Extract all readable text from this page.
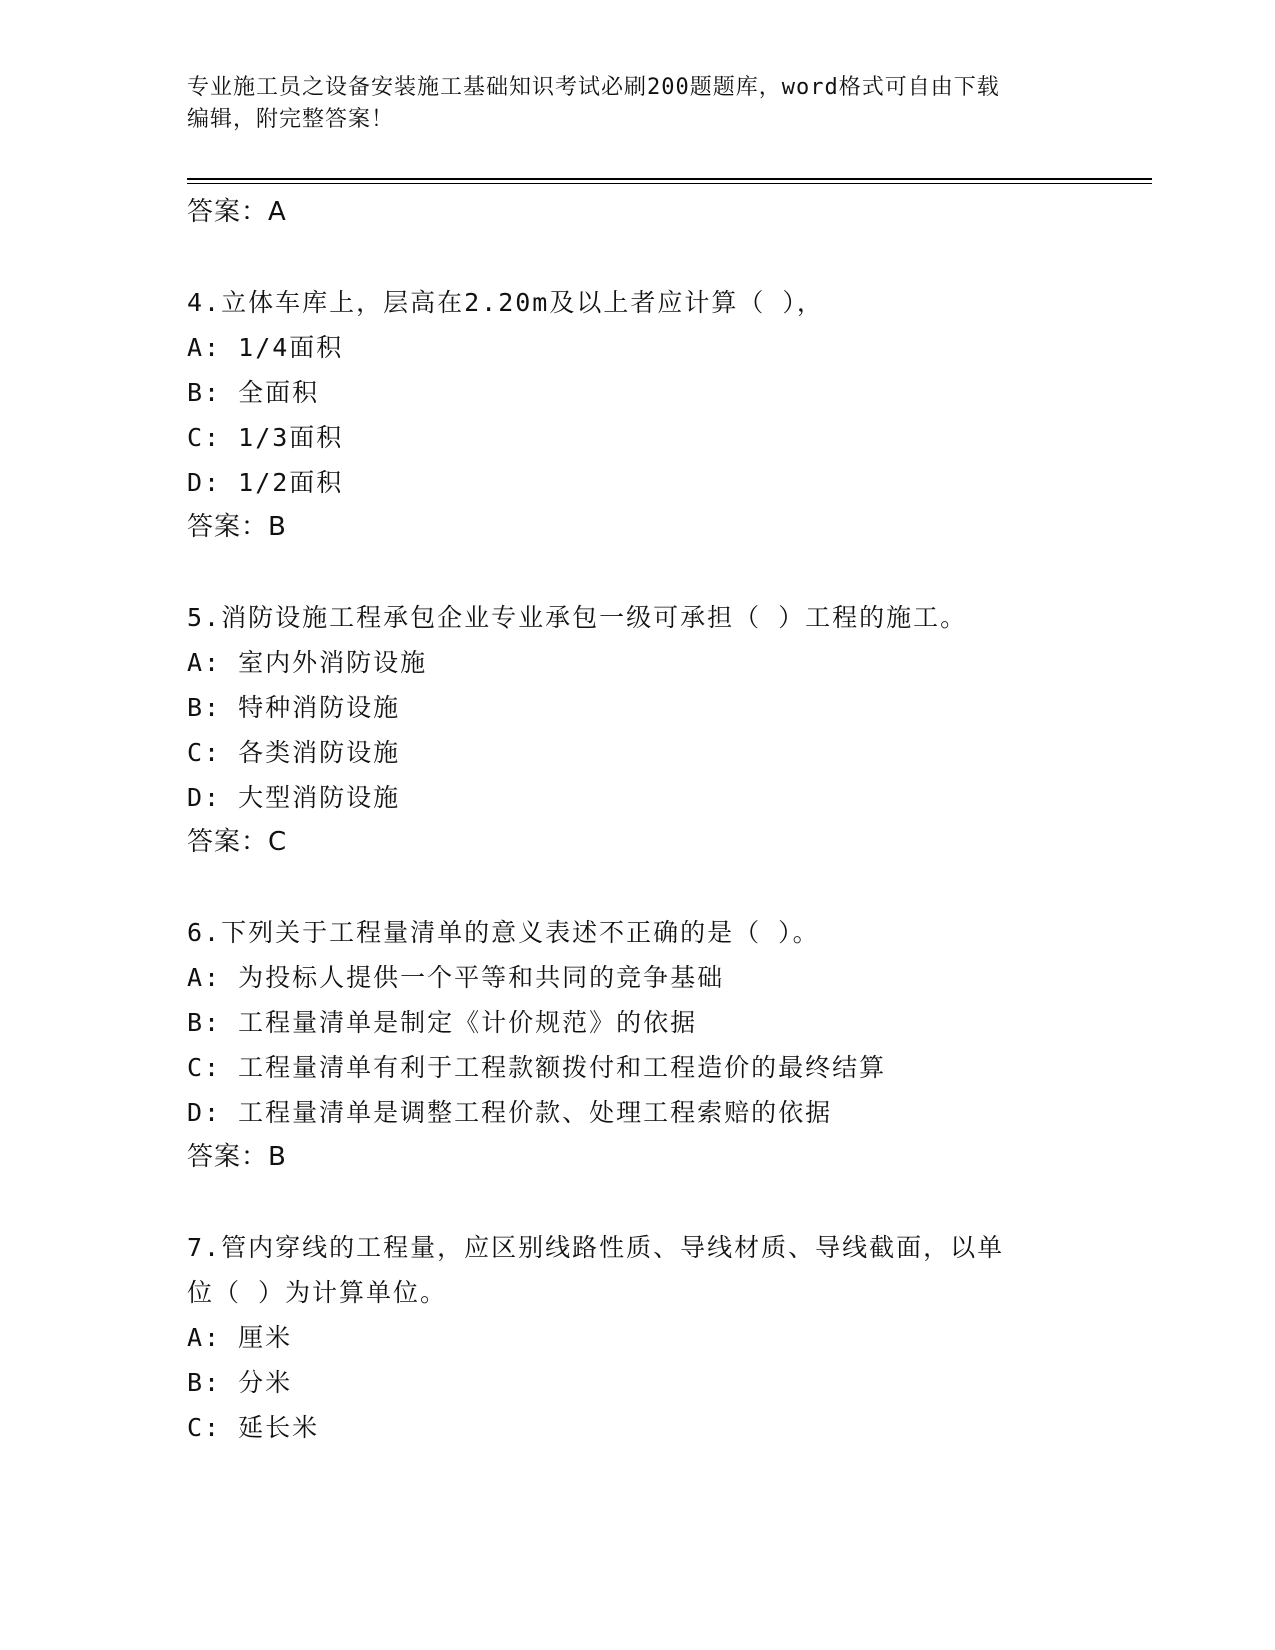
专业施工员之设备安装施工基础知识考试必刷200题题库，word格式可自由下载
编辑，附完整答案！
答案：A
4.立体车库上，层高在2.20m及以上者应计算（ ），
A: 1/4面积
B: 全面积
C: 1/3面积
D: 1/2面积
答案：B
5.消防设施工程承包企业专业承包一级可承担（ ）工程的施工。
A: 室内外消防设施
B: 特种消防设施
C: 各类消防设施
D: 大型消防设施
答案：C
6.下列关于工程量清单的意义表述不正确的是（ ）。
A: 为投标人提供一个平等和共同的竞争基础
B: 工程量清单是制定《计价规范》的依据
C: 工程量清单有利于工程款额拨付和工程造价的最终结算
D: 工程量清单是调整工程价款、处理工程索赔的依据
答案：B
7.管内穿线的工程量，应区别线路性质、导线材质、导线截面，以单
位（ ）为计算单位。
A: 厘米
B: 分米
C: 延长米
